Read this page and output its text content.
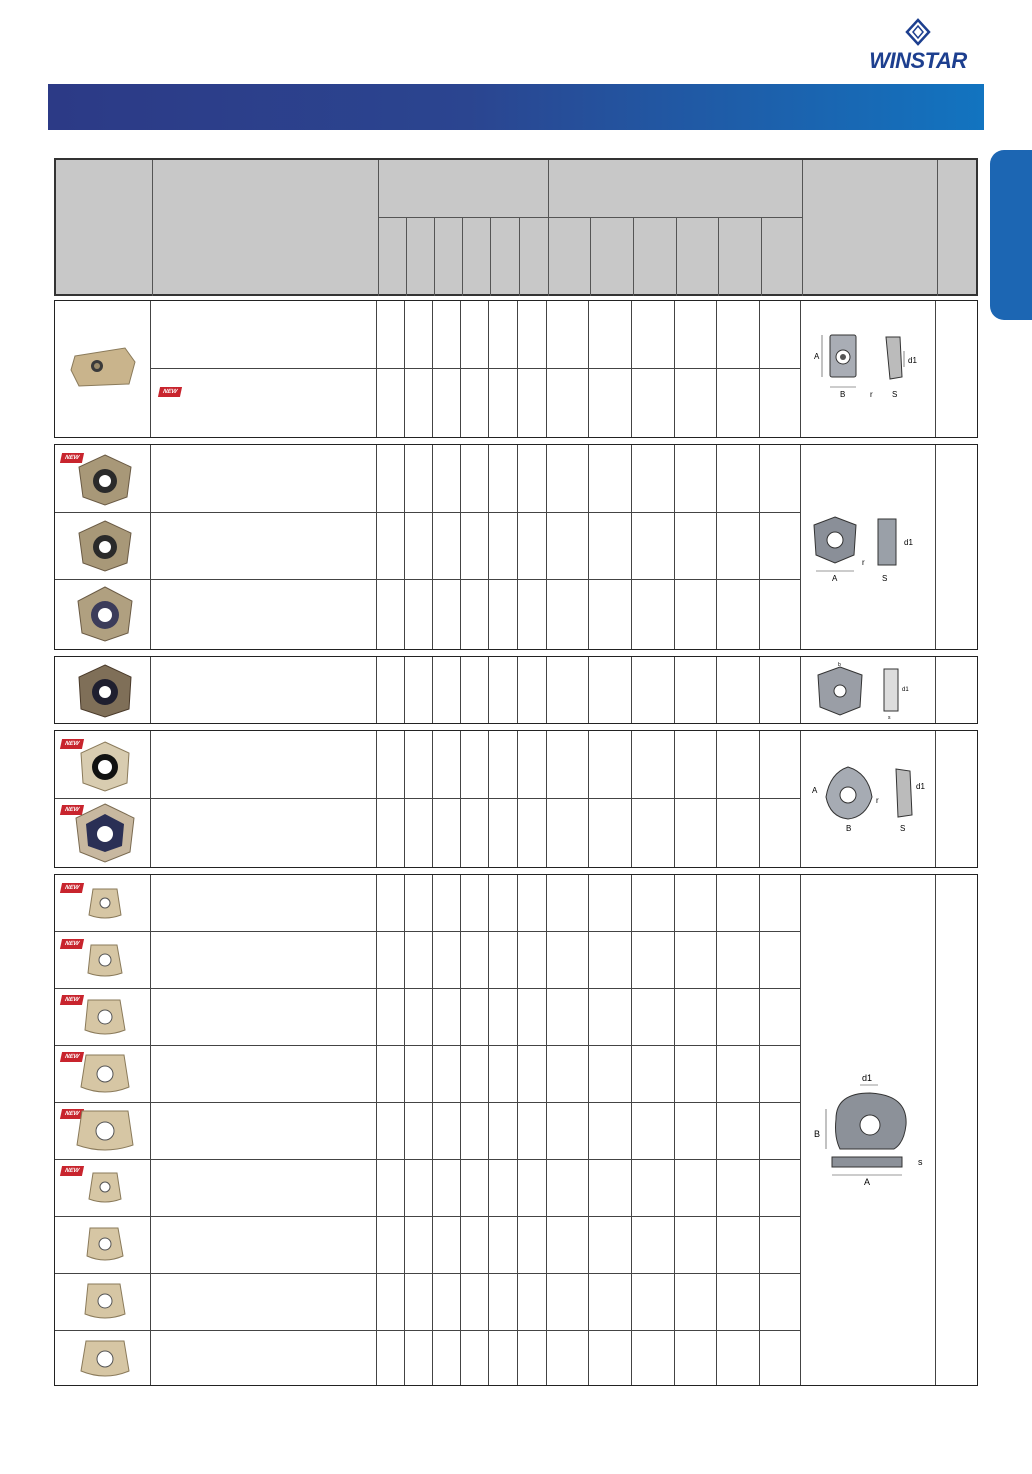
WINSTAR
NEW
A
B	r
d1
S
NEW
A
r
d1
S
b
d1
s
NEW
NEW
A
r
B
d1
S
NEW
NEW
NEW
NEW
NEW
NEW
d1
B
A
s
